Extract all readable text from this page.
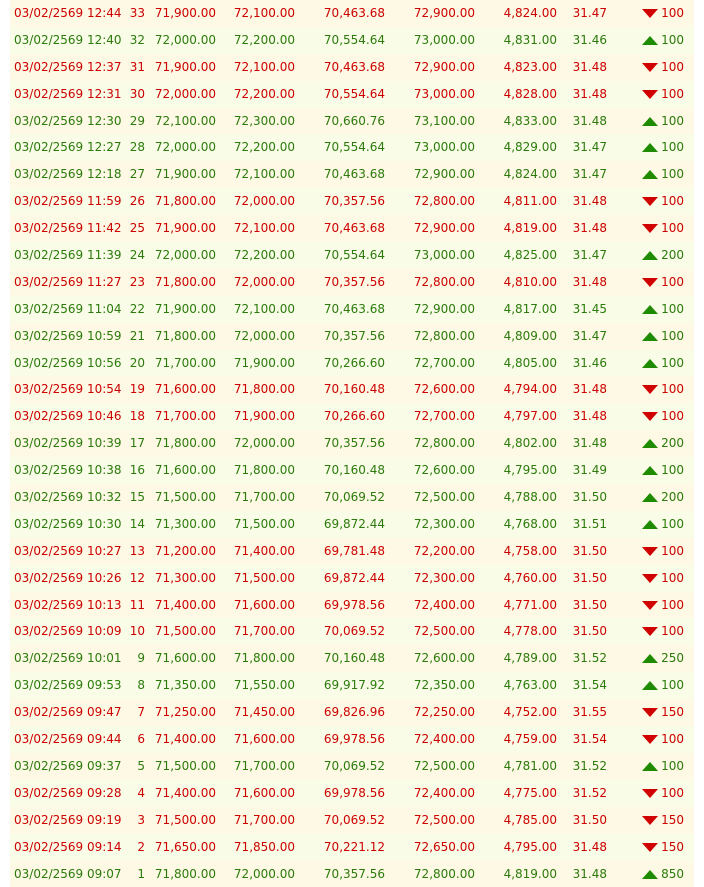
03/02/2569 12:44 33 71,900.00 72,100.00 70,463.68 72,900.00 4,824.00 31.47	100
03/02/2569 12:40 32 72,000.00 72,200.00 70,554.64 73,000.00 4,831.00 31.46	100
03/02/2569 12:37 31 71,900.00 72,100.00 70,463.68 72,900.00 4,823.00 31.48	100
03/02/2569 12:31 30 72,000.00 72,200.00 70,554.64 73,000.00 4,828.00 31.48	100
03/02/2569 12:30 29 72,100.00 72,300.00 70,660.76 73,100.00 4,833.00 31.48	100
03/02/2569 12:27 28 72,000.00 72,200.00 70,554.64 73,000.00 4,829.00 31.47	100
03/02/2569 12:18 27 71,900.00 72,100.00 70,463.68 72,900.00 4,824.00 31.47	100
03/02/2569 11:59 26 71,800.00 72,000.00 70,357.56 72,800.00 4,811.00 31.48	100
03/02/2569 11:42 25 71,900.00 72,100.00 70,463.68 72,900.00 4,819.00 31.48	100
03/02/2569 11:39 24 72,000.00 72,200.00 70,554.64 73,000.00 4,825.00 31.47	200
03/02/2569 11:27 23 71,800.00 72,000.00 70,357.56 72,800.00 4,810.00 31.48	100
03/02/2569 11:04 22 71,900.00 72,100.00 70,463.68 72,900.00 4,817.00 31.45	100
03/02/2569 10:59 21 71,800.00 72,000.00 70,357.56 72,800.00 4,809.00 31.47	100
03/02/2569 10:56 20 71,700.00 71,900.00 70,266.60 72,700.00 4,805.00 31.46	100
03/02/2569 10:54 19 71,600.00 71,800.00 70,160.48 72,600.00 4,794.00 31.48	100
03/02/2569 10:46 18 71,700.00 71,900.00 70,266.60 72,700.00 4,797.00 31.48	100
03/02/2569 10:39 17 71,800.00 72,000.00 70,357.56 72,800.00 4,802.00 31.48	200
03/02/2569 10:38 16 71,600.00 71,800.00 70,160.48 72,600.00 4,795.00 31.49	100
03/02/2569 10:32 15 71,500.00 71,700.00 70,069.52 72,500.00 4,788.00 31.50	200
03/02/2569 10:30 14 71,300.00 71,500.00 69,872.44 72,300.00 4,768.00 31.51	100
03/02/2569 10:27 13 71,200.00 71,400.00 69,781.48 72,200.00 4,758.00 31.50	100
03/02/2569 10:26 12 71,300.00 71,500.00 69,872.44 72,300.00 4,760.00 31.50	100
03/02/2569 10:13 11 71,400.00 71,600.00 69,978.56 72,400.00 4,771.00 31.50	100
03/02/2569 10:09 10 71,500.00 71,700.00 70,069.52 72,500.00 4,778.00 31.50	100
03/02/2569 10:01 9 71,600.00 71,800.00 70,160.48 72,600.00 4,789.00 31.52	250
03/02/2569 09:53 8 71,350.00 71,550.00 69,917.92 72,350.00 4,763.00 31.54	100
03/02/2569 09:47 7 71,250.00 71,450.00 69,826.96 72,250.00 4,752.00 31.55	150
03/02/2569 09:44 6 71,400.00 71,600.00 69,978.56 72,400.00 4,759.00 31.54	100
03/02/2569 09:37 5 71,500.00 71,700.00 70,069.52 72,500.00 4,781.00 31.52	100
03/02/2569 09:28 4 71,400.00 71,600.00 69,978.56 72,400.00 4,775.00 31.52	100
03/02/2569 09:19 3 71,500.00 71,700.00 70,069.52 72,500.00 4,785.00 31.50	150
03/02/2569 09:14 2 71,650.00 71,850.00 70,221.12 72,650.00 4,795.00 31.48	150
03/02/2569 09:07 1 71,800.00 72,000.00 70,357.56 72,800.00 4,819.00 31.48	850
